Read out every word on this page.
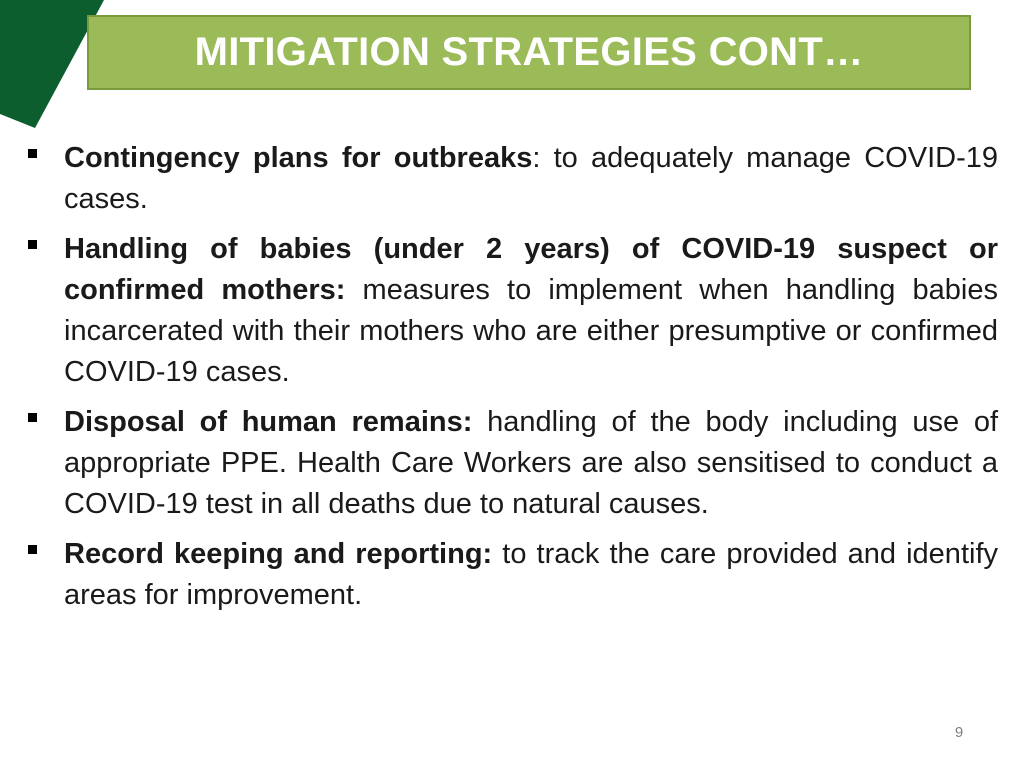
MITIGATION STRATEGIES CONT…
Contingency plans for outbreaks: to adequately manage COVID-19 cases.
Handling of babies (under 2 years) of COVID-19 suspect or confirmed mothers: measures to implement when handling babies incarcerated with their mothers who are either presumptive or confirmed COVID-19 cases.
Disposal of human remains: handling of the body including use of appropriate PPE. Health Care Workers are also sensitised to conduct a COVID-19 test in all deaths due to natural causes.
Record keeping and reporting: to track the care provided and identify areas for improvement.
9
